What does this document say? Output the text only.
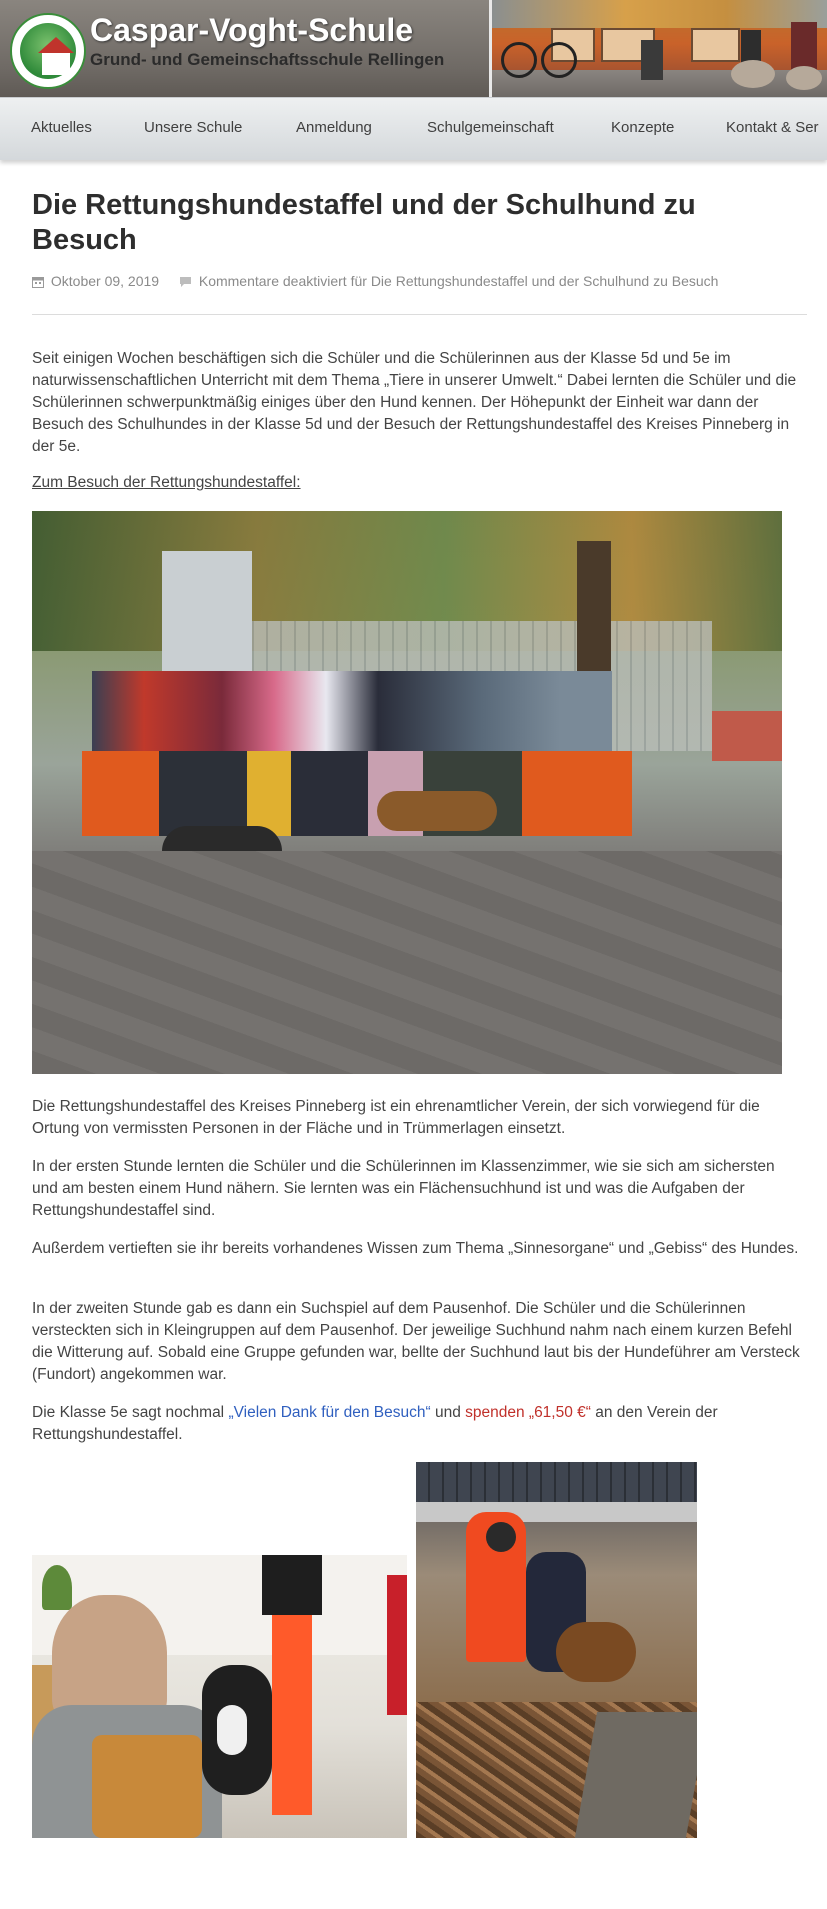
Caspar-Voght-Schule
Grund- und Gemeinschaftsschule Rellingen
Aktuelles	Unsere Schule	Anmeldung	Schulgemeinschaft	Konzepte	Kontakt & Ser
Die Rettungshundestaffel und der Schulhund zu Besuch
Oktober 09, 2019	Kommentare deaktiviert für Die Rettungshundestaffel und der Schulhund zu Besuch

Seit einigen Wochen beschäftigen sich die Schüler und die Schülerinnen aus der Klasse 5d und 5e im naturwissenschaftlichen Unterricht mit dem Thema „Tiere in unserer Umwelt.“ Dabei lernten die Schüler und die Schülerinnen schwerpunktmäßig einiges über den Hund kennen. Der Höhepunkt der Einheit war dann der Besuch des Schulhundes in der Klasse 5d und der Besuch der Rettungshundestaffel des Kreises Pinneberg in der 5e.

Zum Besuch der Rettungshundestaffel:

Die Rettungshundestaffel des Kreises Pinneberg ist ein ehrenamtlicher Verein, der sich vorwiegend für die Ortung von vermissten Personen in der Fläche und in Trümmerlagen einsetzt.

In der ersten Stunde lernten die Schüler und die Schülerinnen im Klassenzimmer, wie sie sich am sichersten und am besten einem Hund nähern. Sie lernten was ein Flächensuchhund ist und was die Aufgaben der Rettungshundestaffel sind.

Außerdem vertieften sie ihr bereits vorhandenes Wissen zum Thema „Sinnesorgane“ und „Gebiss“ des Hundes.

In der zweiten Stunde gab es dann ein Suchspiel auf dem Pausenhof. Die Schüler und die Schülerinnen versteckten sich in Kleingruppen auf dem Pausenhof. Der jeweilige Suchhund nahm nach einem kurzen Befehl die Witterung auf. Sobald eine Gruppe gefunden war, bellte der Suchhund laut bis der Hundeführer am Versteck (Fundort) angekommen war.

Die Klasse 5e sagt nochmal „Vielen Dank für den Besuch“ und spenden „61,50 €“ an den Verein der Rettungshundestaffel.
